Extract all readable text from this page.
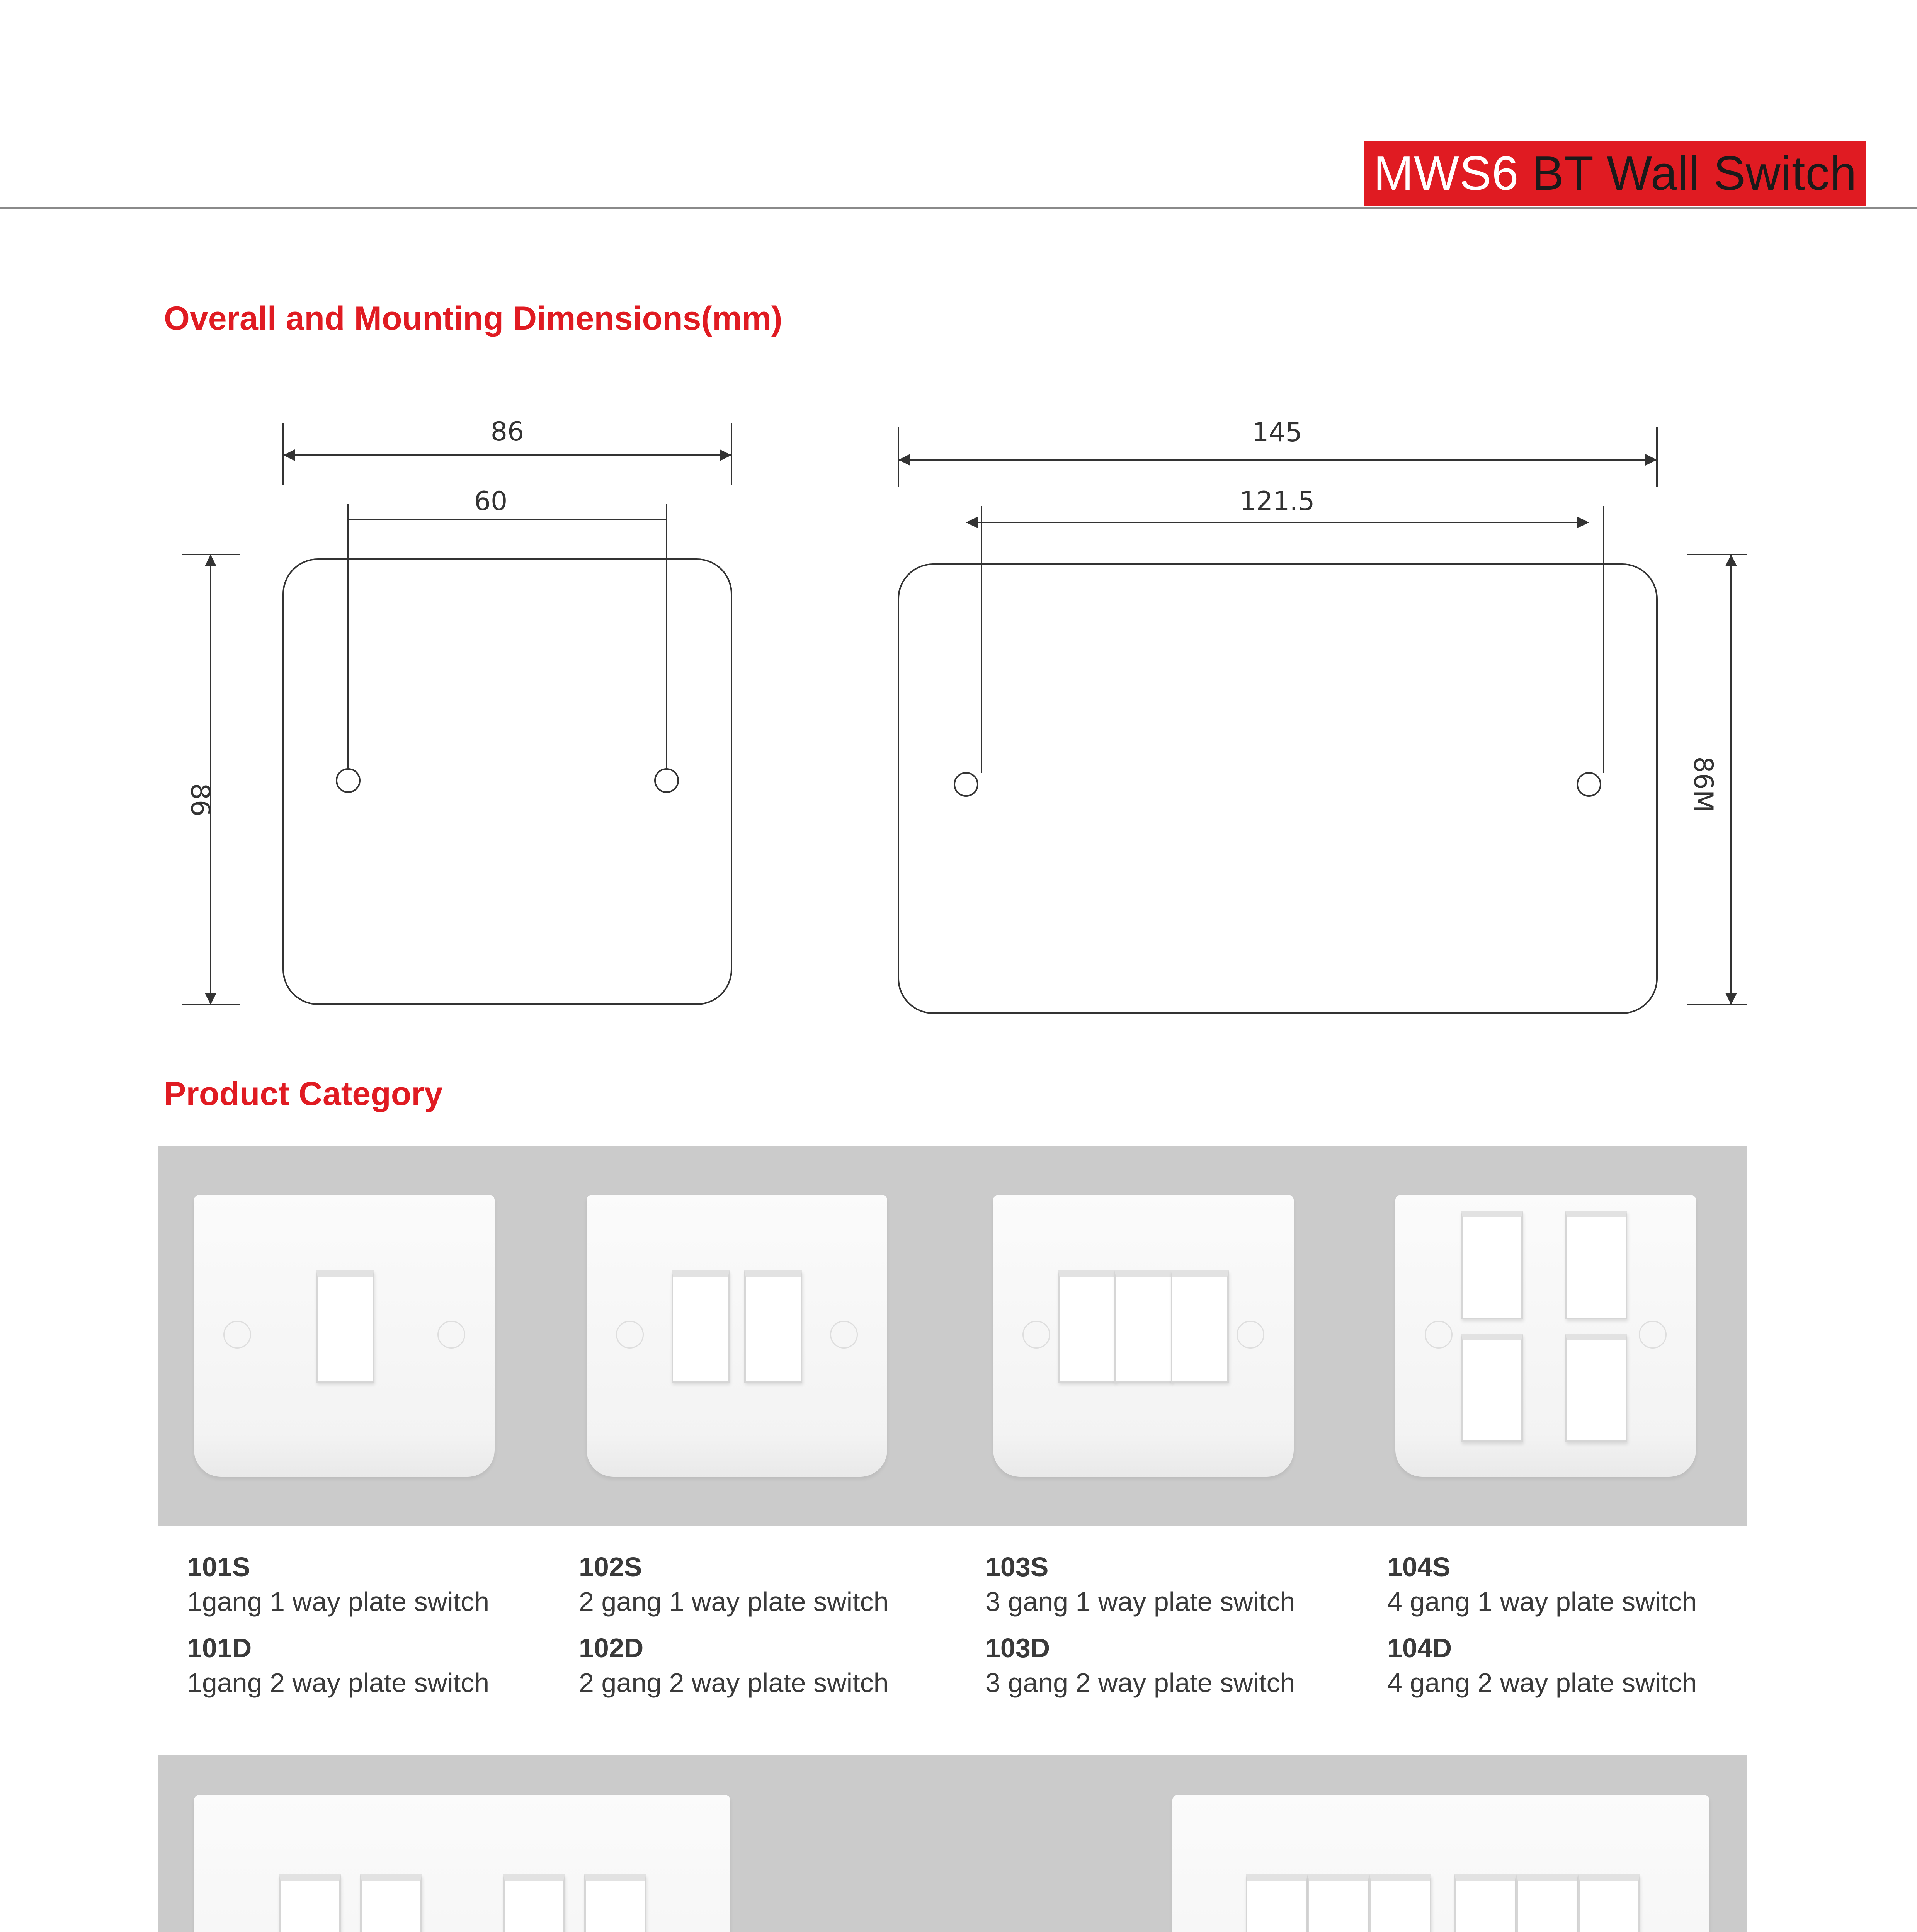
MWS6 BT Wall Switch
Overall and Mounting Dimensions(mm)
86
60
86
145
121.5
86M
Product Category
101S
1gang 1 way plate switch
101D
1gang 2 way plate switch
102S
2 gang 1 way plate switch
102D
2 gang 2 way plate switch
103S
3 gang 1 way plate switch
103D
3 gang 2 way plate switch
104S
4 gang 1 way plate switch
104D
4 gang 2 way plate switch
